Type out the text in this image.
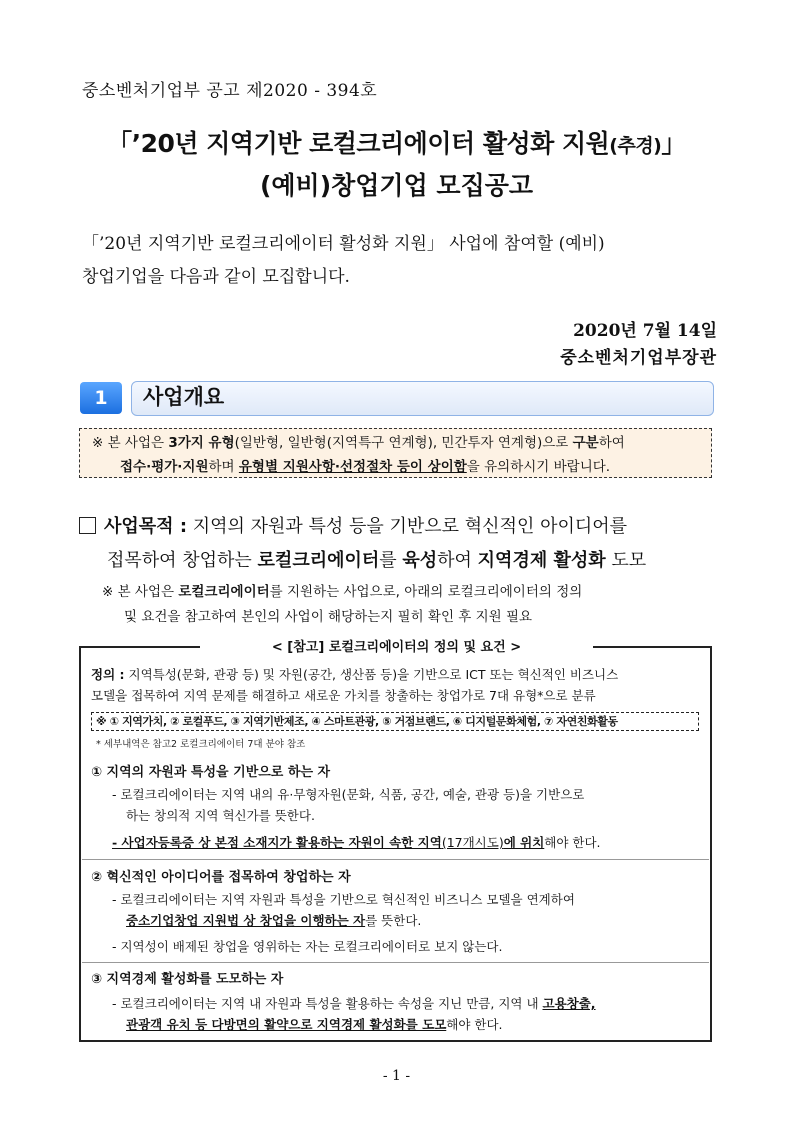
중소벤처기업부 공고 제2020 - 394호
「’20년 지역기반 로컬크리에이터 활성화 지원(추경)」
(예비)창업기업 모집공고
「’20년 지역기반 로컬크리에이터 활성화 지원」 사업에 참여할 (예비)
창업기업을 다음과 같이 모집합니다.
2020년 7월 14일
중소벤처기업부장관
1	사업개요
※ 본 사업은 3가지 유형(일반형, 일반형(지역특구 연계형), 민간투자 연계형)으로 구분하여
접수·평가·지원하며 유형별 지원사항·선정절차 등이 상이함을 유의하시기 바랍니다.
사업목적 : 지역의 자원과 특성 등을 기반으로 혁신적인 아이디어를
접목하여 창업하는 로컬크리에이터를 육성하여 지역경제 활성화 도모
※ 본 사업은 로컬크리에이터를 지원하는 사업으로, 아래의 로컬크리에이터의 정의
및 요건을 참고하여 본인의 사업이 해당하는지 필히 확인 후 지원 필요
< [참고] 로컬크리에이터의 정의 및 요건 >
정의 : 지역특성(문화, 관광 등) 및 자원(공간, 생산품 등)을 기반으로 ICT 또는 혁신적인 비즈니스
모델을 접목하여 지역 문제를 해결하고 새로운 가치를 창출하는 창업가로 7대 유형*으로 분류
※ ① 지역가치, ② 로컬푸드, ③ 지역기반제조, ④ 스마트관광, ⑤ 거점브랜드, ⑥ 디지털문화체험, ⑦ 자연친화활동
* 세부내역은 참고2 로컬크리에이터 7대 분야 참조
① 지역의 자원과 특성을 기반으로 하는 자
- 로컬크리에이터는 지역 내의 유·무형자원(문화, 식품, 공간, 예술, 관광 등)을 기반으로
하는 창의적 지역 혁신가를 뜻한다.
- 사업자등록증 상 본점 소재지가 활용하는 자원이 속한 지역(17개시도)에 위치해야 한다.
② 혁신적인 아이디어를 접목하여 창업하는 자
- 로컬크리에이터는 지역 자원과 특성을 기반으로 혁신적인 비즈니스 모델을 연계하여
중소기업창업 지원법 상 창업을 이행하는 자를 뜻한다.
- 지역성이 배제된 창업을 영위하는 자는 로컬크리에이터로 보지 않는다.
③ 지역경제 활성화를 도모하는 자
- 로컬크리에이터는 지역 내 자원과 특성을 활용하는 속성을 지닌 만큼, 지역 내 고용창출,
관광객 유치 등 다방면의 활약으로 지역경제 활성화를 도모해야 한다.
- 1 -
